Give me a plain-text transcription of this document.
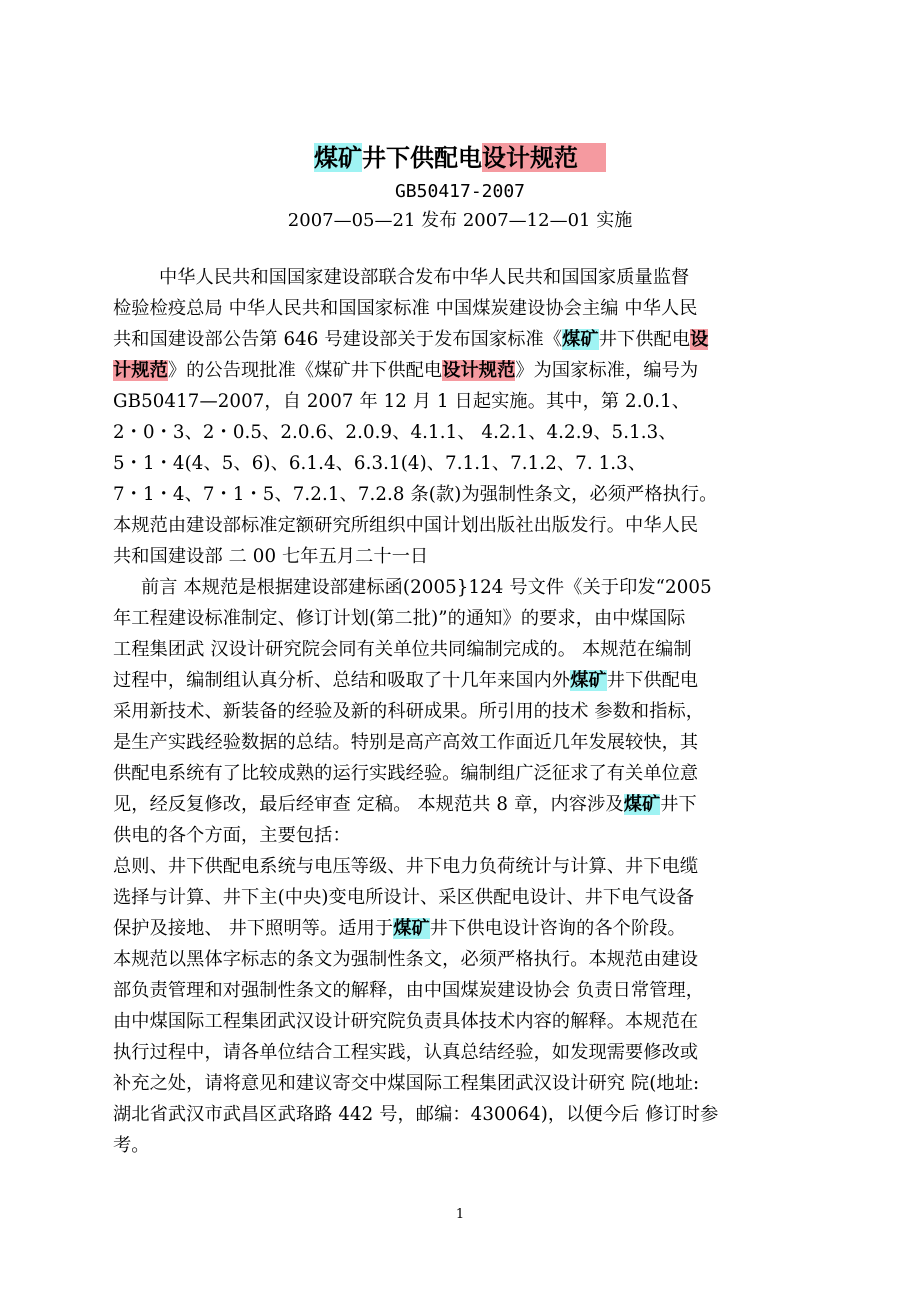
煤矿井下供配电设计规范
GB50417-2007
2007—05—21 发布 2007—12—01 实施
中华人民共和国国家建设部联合发布中华人民共和国国家质量监督
检验检疫总局 中华人民共和国国家标准 中国煤炭建设协会主编 中华人民
共和国建设部公告第 646 号建设部关于发布国家标准《煤矿井下供配电设
计规范》的公告现批准《煤矿井下供配电设计规范》为国家标准，编号为
GB50417—2007，自 2007 年 12 月 1 日起实施。其中，第 2.0.1、
2・0・3、2・0.5、2.0.6、2.0.9、4.1.1、 4.2.1、4.2.9、5.1.3、
5・1・4(4、5、6)、6.1.4、6.3.1(4)、7.1.1、7.1.2、7. 1.3、
7・1・4、7・1・5、7.2.1、7.2.8 条(款)为强制性条文，必须严格执行。
本规范由建设部标准定额研究所组织中国计划出版社出版发行。中华人民
共和国建设部 二 00 七年五月二十一日
前言 本规范是根据建设部建标函(2005}124 号文件《关于印发“2005
年工程建设标准制定、修订计划(第二批)”的通知》的要求，由中煤国际
工程集团武 汉设计研究院会同有关单位共同编制完成的。 本规范在编制
过程中，编制组认真分析、总结和吸取了十几年来国内外煤矿井下供配电
采用新技术、新装备的经验及新的科研成果。所引用的技术 参数和指标，
是生产实践经验数据的总结。特别是高产高效工作面近几年发展较快，其
供配电系统有了比较成熟的运行实践经验。编制组广泛征求了有关单位意
见，经反复修改，最后经审查 定稿。 本规范共 8 章，内容涉及煤矿井下
供电的各个方面，主要包括：
总则、井下供配电系统与电压等级、井下电力负荷统计与计算、井下电缆
选择与计算、井下主(中央)变电所设计、采区供配电设计、井下电气设备
保护及接地、 井下照明等。适用于煤矿井下供电设计咨询的各个阶段。
本规范以黑体字标志的条文为强制性条文，必须严格执行。本规范由建设
部负责管理和对强制性条文的解释，由中国煤炭建设协会 负责日常管理，
由中煤国际工程集团武汉设计研究院负责具体技术内容的解释。本规范在
执行过程中，请各单位结合工程实践，认真总结经验，如发现需要修改或
补充之处，请将意见和建议寄交中煤国际工程集团武汉设计研究 院(地址:
湖北省武汉市武昌区武珞路 442 号，邮编：430064)，以便今后 修订时参
考。
1
